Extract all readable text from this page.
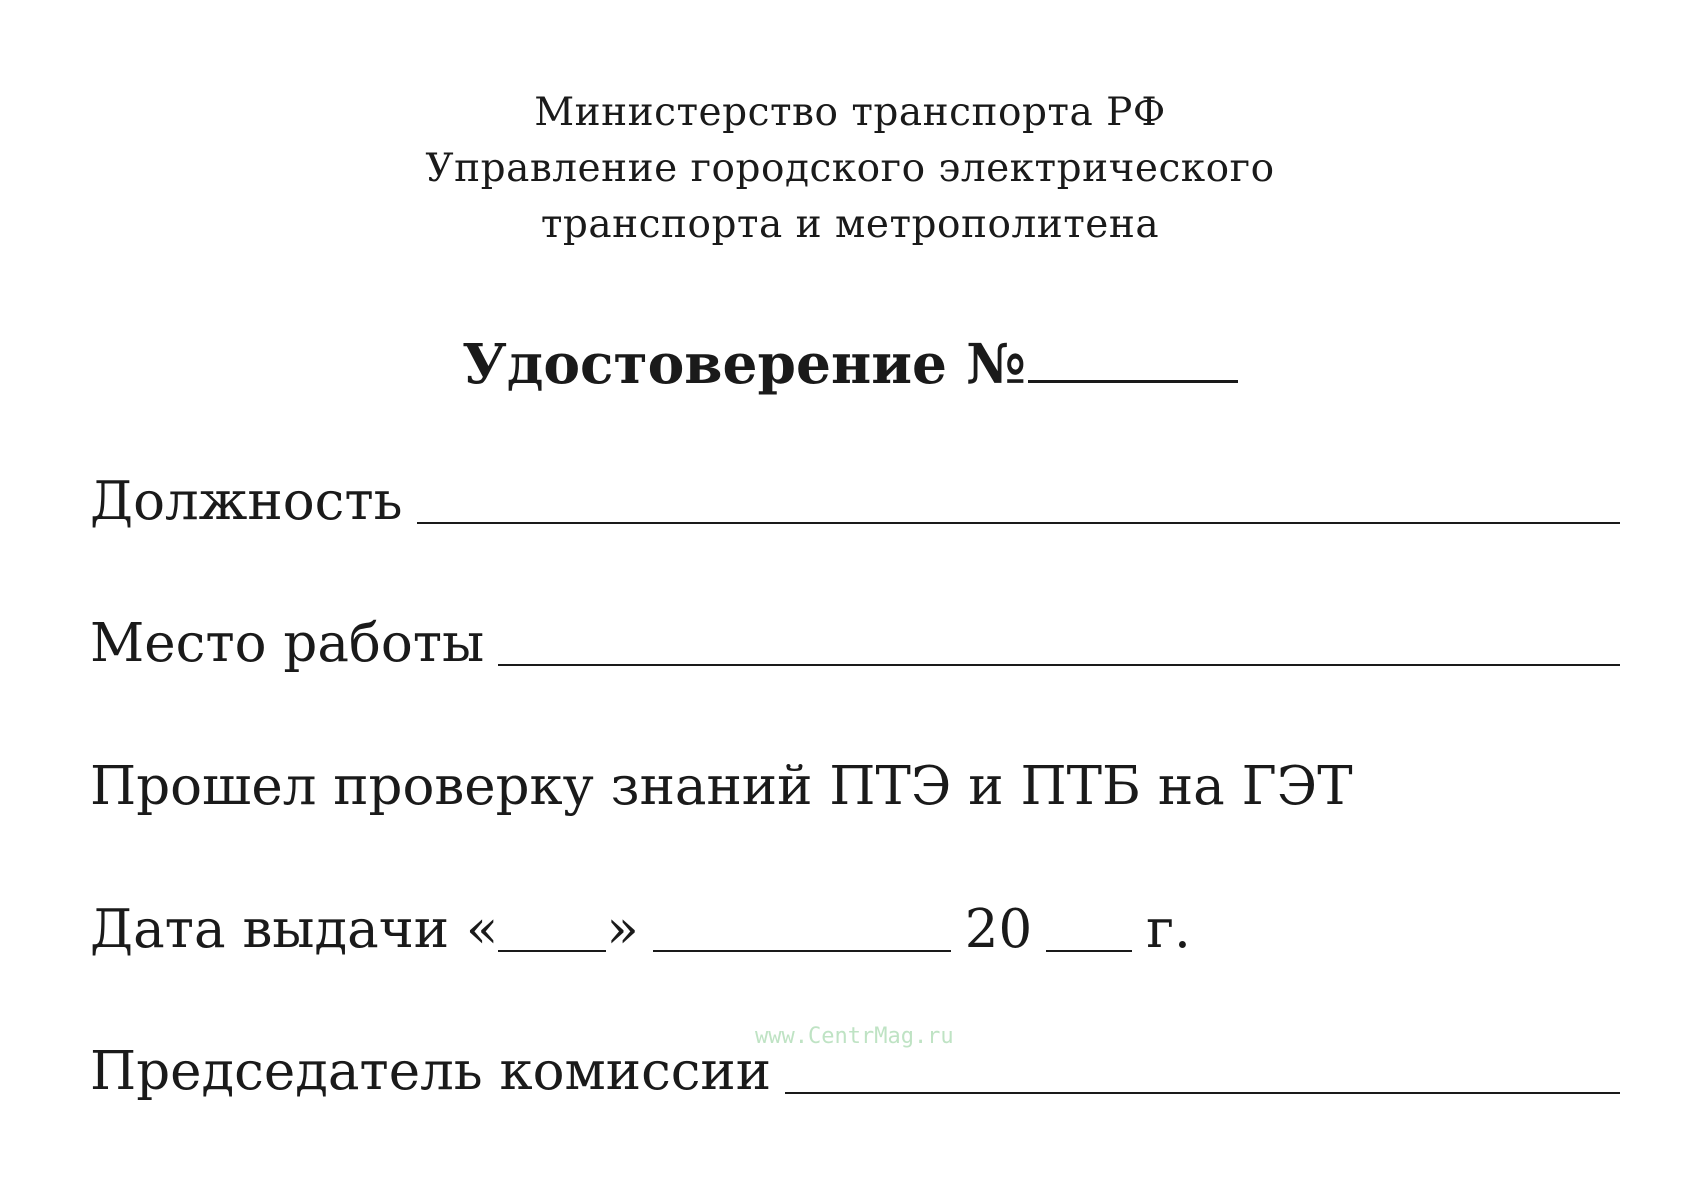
Министерство транспорта РФ
Управление городского электрического
транспорта и метрополитена
Удостоверение №
Должность
Место работы
Прошел проверку знаний ПТЭ и ПТБ на ГЭТ
Дата выдачи « »	20 г.
www.CentrMag.ru
Председатель комиссии
